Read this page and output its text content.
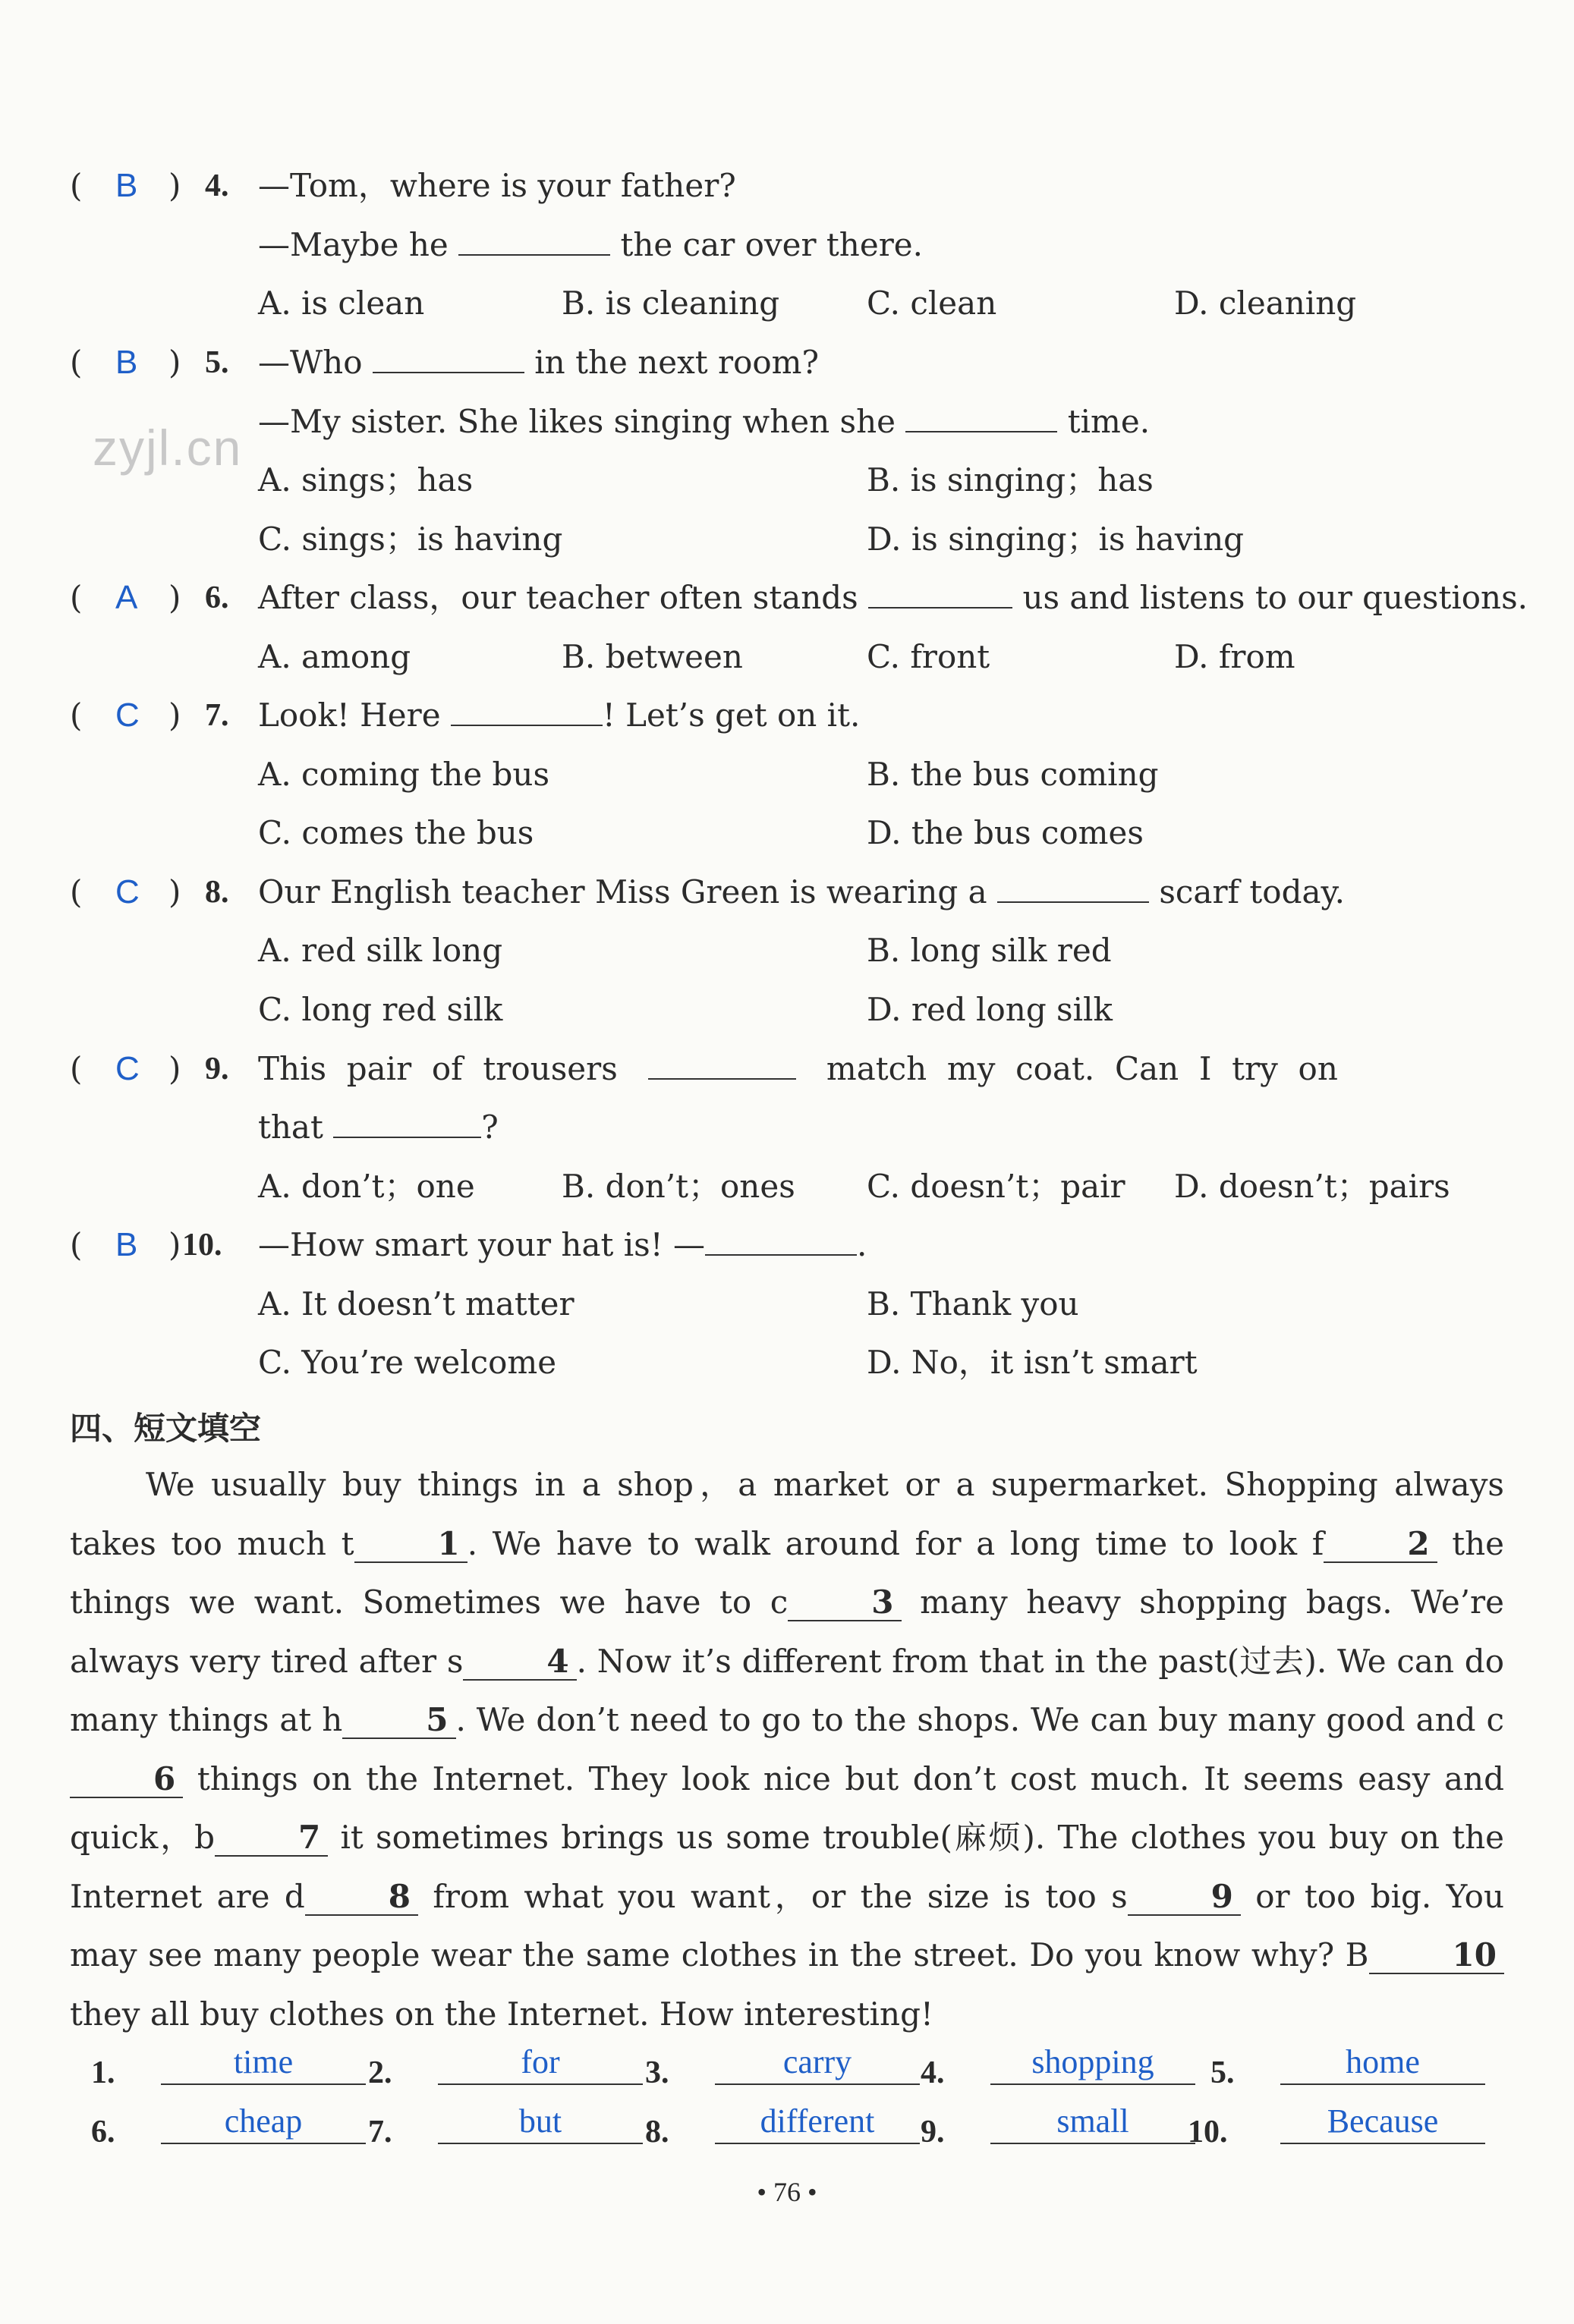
zyjl.cn
( B ) 4. —Tom，where is your father?
—Maybe he	the car over there.
A. is clean	B. is cleaning	C. clean	D. cleaning
( B ) 5. —Who	in the next room?
—My sister. She likes singing when she	time.
A. sings；has	B. is singing；has
C. sings；is having	D. is singing；is having
( A ) 6. After class，our teacher often stands	us and listens to our questions.
A. among	B. between	C. front	D. from
( C ) 7. Look! Here	! Let’s get on it.
A. coming the bus	B. the bus coming
C. comes the bus	D. the bus comes
( C ) 8. Our English teacher Miss Green is wearing a	scarf today.
A. red silk long	B. long silk red
C. long red silk	D. red long silk
( C ) 9. This  pair  of  trousers	match  my  coat.  Can  I  try  on
that	?
A. don’t；one	B. don’t；ones C. doesn’t；pair D. doesn’t；pairs
( B ) 10. —How smart your hat is! —	.
A. It doesn’t matter	B. Thank you
C. You’re welcome	D. No，it isn’t smart
四、短文填空

We usually buy things in a shop，a market or a supermarket. Shopping always takes too much t	1 . We have to walk around for a long time to look f	2 the things we want. Sometimes we have to c	3 many heavy shopping bags. We’re always very tired after s	4 . Now it’s different from that in the past(过去). We can do many things at h	5 . We don’t need to go to the shops. We can buy many good and c6 things on the Internet. They look nice but don’t cost much. It seems easy and quick，b	7 it sometimes brings us some trouble(麻烦). The clothes you buy on the Internet are d	8 from what you want，or the size is too s	9 or too big. You may see many people wear the same clothes in the street. Do you know why? B	10 they all buy clothes on the Internet. How interesting!

1.	time	2.	for	3.	carry	4.	shopping	5.	home
6.	cheap	7.	but	8.	different	9.	small	10.	Because
• 76 •
